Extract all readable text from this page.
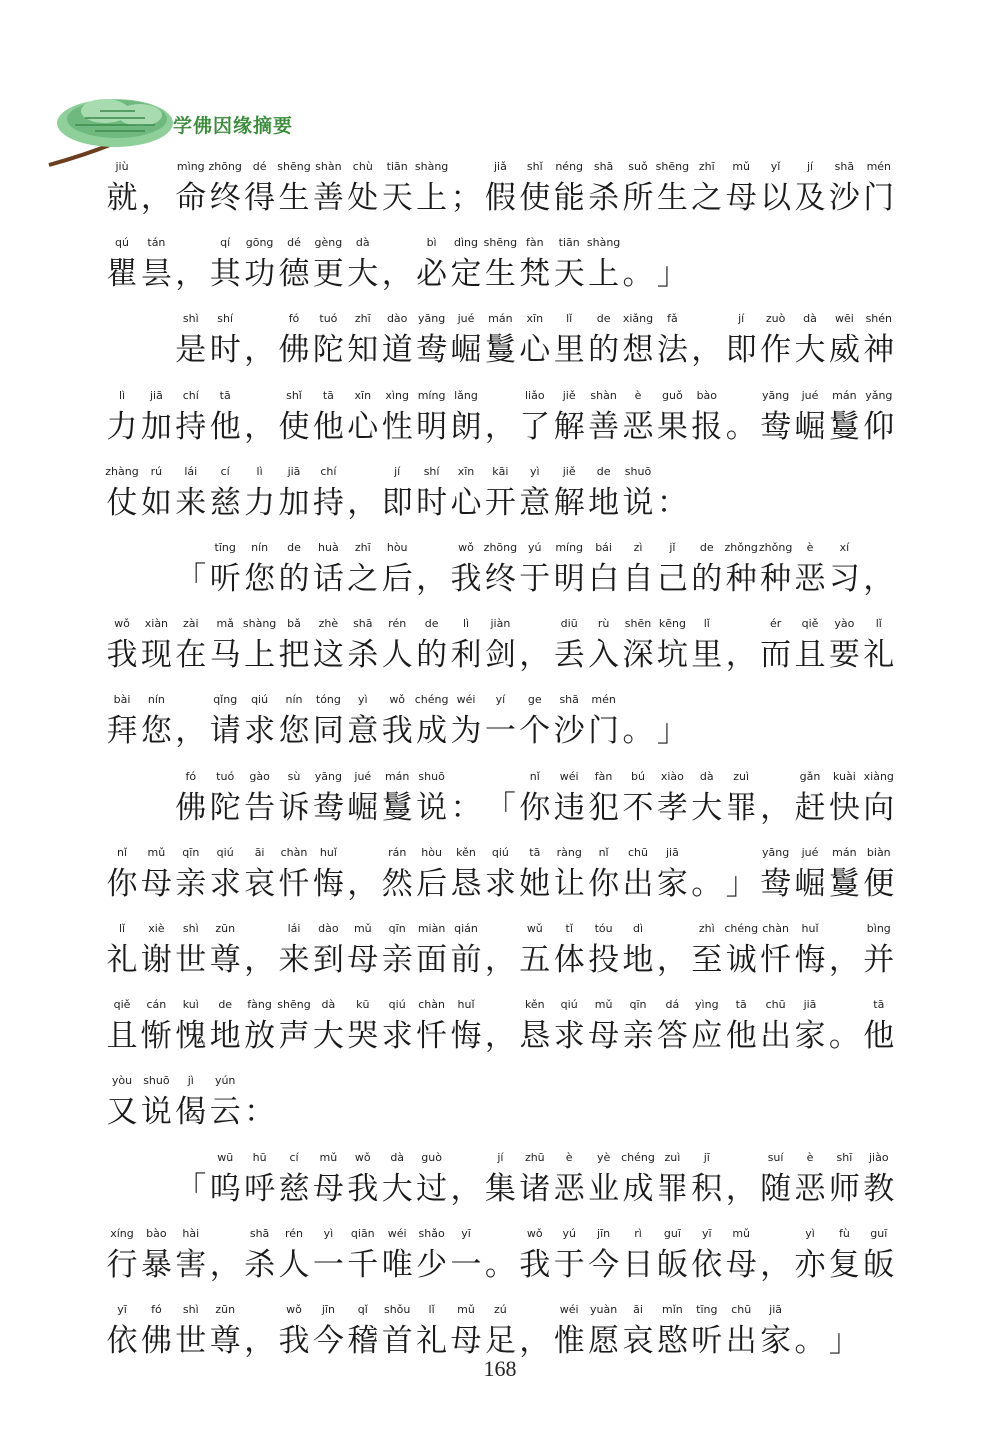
学佛因缘摘要
jiù
就 ，
mìng
命
zhōng
终
dé
得
shēng
生
shàn
善
chù
处
tiān
天
shàng
上 ；
jiǎ
假
shǐ
使
néng
能
shā
杀
suǒ
所
shēng
生
zhī
之
mǔ
母
yǐ
以
jí
及
shā
沙
mén
门
qú
瞿
tán
昙 ，
qí
其
gōng
功
dé
德
gèng
更
dà
大 ，
bì
必
dìng
定
shēng
生
fàn
梵
tiān
天
shàng
上 。 」
shì
是
shí
时 ，
fó
佛
tuó
陀
zhī
知
dào
道
yāng
鸯
jué
崛
mán
鬘
xīn
心
lǐ
里
de
的
xiǎng
想
fǎ
法 ，
jí
即
zuò
作
dà
大
wēi
威
shén
神
lì
力
jiā
加
chí
持
tā
他 ，
shǐ
使
tā
他
xīn
心
xìng
性
míng
明
lǎng
朗 ，
liǎo
了
jiě
解
shàn
善
è
恶
guǒ
果
bào
报 。
yāng
鸯
jué
崛
mán
鬘
yǎng
仰
zhàng
仗
rú
如
lái
来
cí
慈
lì
力
jiā
加
chí
持 ，
jí
即
shí
时
xīn
心
kāi
开
yì
意
jiě
解
de
地
shuō
说 ：
「
tīng
听
nín
您
de
的
huà
话
zhī
之
hòu
后 ，
wǒ
我
zhōng
终
yú
于
míng
明
bái
白
zì
自
jǐ
己
de
的
zhǒng
种
zhǒng
种
è
恶
xí
习 ，
wǒ
我
xiàn
现
zài
在
mǎ
马
shàng
上
bǎ
把
zhè
这
shā
杀
rén
人
de
的
lì
利
jiàn
剑 ，
diū
丢
rù
入
shēn
深
kēng
坑
lǐ
里 ，
ér
而
qiě
且
yào
要
lǐ
礼
bài
拜
nín
您 ，
qǐng
请
qiú
求
nín
您
tóng
同
yì
意
wǒ
我
chéng
成
wéi
为
yí
一
ge
个
shā
沙
mén
门 。 」
fó
佛
tuó
陀
gào
告
sù
诉
yāng
鸯
jué
崛
mán
鬘
shuō
说 ： 「
nǐ
你
wéi
违
fàn
犯
bú
不
xiào
孝
dà
大
zuì
罪 ，
gǎn
赶
kuài
快
xiàng
向
nǐ
你
mǔ
母
qīn
亲
qiú
求
āi
哀
chàn
忏
huǐ
悔 ，
rán
然
hòu
后
kěn
恳
qiú
求
tā
她
ràng
让
nǐ
你
chū
出
jiā
家 。 」
yāng
鸯
jué
崛
mán
鬘
biàn
便
lǐ
礼
xiè
谢
shì
世
zūn
尊 ，
lái
来
dào
到
mǔ
母
qīn
亲
miàn
面
qián
前 ，
wǔ
五
tǐ
体
tóu
投
dì
地 ，
zhì
至
chéng
诚
chàn
忏
huǐ
悔 ，
bìng
并
qiě
且
cán
惭
kuì
愧
de
地
fàng
放
shēng
声
dà
大
kū
哭
qiú
求
chàn
忏
huǐ
悔 ，
kěn
恳
qiú
求
mǔ
母
qīn
亲
dá
答
yìng
应
tā
他
chū
出
jiā
家 。
tā
他
yòu
又
shuō
说
jì
偈
yún
云 ：
「
wū
呜
hū
呼
cí
慈
mǔ
母
wǒ
我
dà
大
guò
过 ，
jí
集
zhū
诸
è
恶
yè
业
chéng
成
zuì
罪
jī
积 ，
suí
随
è
恶
shī
师
jiào
教
xíng
行
bào
暴
hài
害 ，
shā
杀
rén
人
yì
一
qiān
千
wéi
唯
shǎo
少
yī
一 。
wǒ
我
yú
于
jīn
今
rì
日
guī
皈
yī
依
mǔ
母 ，
yì
亦
fù
复
guī
皈
yī
依
fó
佛
shì
世
zūn
尊 ，
wǒ
我
jīn
今
qǐ
稽
shǒu
首
lǐ
礼
mǔ
母
zú
足 ，
wéi
惟
yuàn
愿
āi
哀
mǐn
愍
tīng
听
chū
出
jiā
家 。 」
168
